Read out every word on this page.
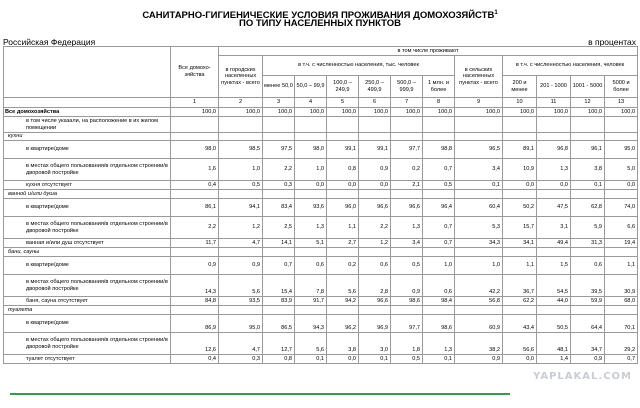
САНИТАРНО-ГИГИЕНИЧЕСКИЕ УСЛОВИЯ ПРОЖИВАНИЯ ДОМОХОЗЯЙСТВ$^1$
ПО ТИПУ НАСЕЛЕННЫХ ПУНКТОВ
Российская Федерация	в процентах
	Все домохо-зяйства	в том числе проживают											
		в городских населенных пунктах - всего	в т.ч. с численностью населения, тыс. человек						в сельских населенных пунктах - всего	в т.ч. с численностью населения, человек			
			менее 50,0	50,0 – 99,9	100,0 – 249,9	250,0 – 499,9	500,0 – 999,9	1 млн. и более		200 и менее	201 - 1000	1001 - 5000	5000 и более
	1	2	3	4	5	6	7	8	9	10	11	12	13
Все домохозяйства	100,0	100,0	100,0	100,0	100,0	100,0	100,0	100,0	100,0	100,0	100,0	100,0	100,0
в том числе указали, на расположение в их жилом помещении													
кухни													
в квартире/доме	98,0	98,5	97,5	98,0	99,1	99,1	97,7	98,8	96,5	89,1	96,8	96,1	95,0
в местах общего пользования/в отдельном строении/в дворовой постройке	1,6	1,0	2,2	1,0	0,8	0,9	0,2	0,7	3,4	10,9	1,3	3,8	5,0
кухня отсутствует	0,4	0,5	0,3	0,0	0,0	0,0	2,1	0,5	0,1	0,0	0,0	0,1	0,0
ванной и/или душа													
в квартире/доме	86,1	94,1	83,4	93,6	96,0	96,6	96,6	96,4	60,4	50,2	47,5	62,8	74,0
в местах общего пользования/в отдельном строении/в дворовой постройке	2,2	1,2	2,5	1,3	1,1	2,2	1,3	0,7	5,3	15,7	3,1	5,9	6,6
ванная и/или душ отсутствует	11,7	4,7	14,1	5,1	2,7	1,2	3,4	0,7	34,3	34,1	49,4	31,3	19,4
бани, сауны													
в квартире/доме	0,9	0,9	0,7	0,6	0,2	0,6	0,5	1,0	1,0	1,1	1,5	0,6	1,1
в местах общего пользования/в отдельном строении/в дворовой постройке	14,3	5,6	15,4	7,8	5,6	2,8	0,9	0,6	42,2	36,7	54,5	39,5	30,9
баня, сауна отсутствует	84,8	93,5	83,9	91,7	94,2	96,6	98,6	98,4	56,8	62,2	44,0	59,9	68,0
туалета													
в квартире/доме	86,9	95,0	86,5	94,3	96,2	96,9	97,7	98,6	60,9	43,4	50,5	64,4	70,1
в местах общего пользования/в отдельном строении/в дворовой постройке	12,6	4,7	12,7	5,6	3,8	3,0	1,8	1,3	38,2	56,6	48,1	34,7	29,2
туалет отсутствует	0,4	0,3	0,8	0,1	0,0	0,1	0,5	0,1	0,9	0,0	1,4	0,9	0,7
YAPLAKAL.COM
